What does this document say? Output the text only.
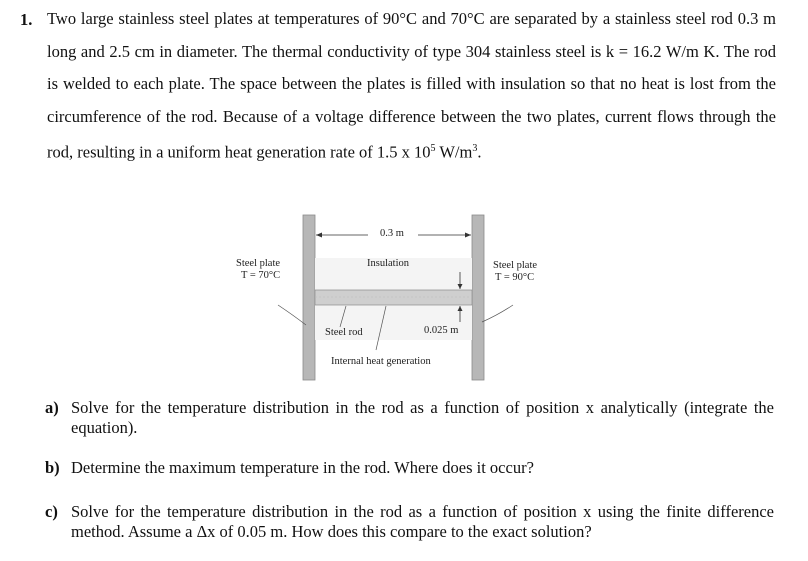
1. Two large stainless steel plates at temperatures of 90°C and 70°C are separated by a stainless steel rod 0.3 m long and 2.5 cm in diameter. The thermal conductivity of type 304 stainless steel is k = 16.2 W/m K. The rod is welded to each plate. The space between the plates is filled with insulation so that no heat is lost from the circumference of the rod. Because of a voltage difference between the two plates, current flows through the rod, resulting in a uniform heat generation rate of 1.5 x $10^5$ $W/m^3$.
0.3 m
Insulation
Steel plate
T = 70°C
Steel plate
T = 90°C
Steel rod	0.025 m
Internal heat generation
a) Solve for the temperature distribution in the rod as a function of position x analytically (integrate the equation).
b) Determine the maximum temperature in the rod. Where does it occur?
c) Solve for the temperature distribution in the rod as a function of position x using the finite difference method. Assume a Δx of 0.05 m. How does this compare to the exact solution?
